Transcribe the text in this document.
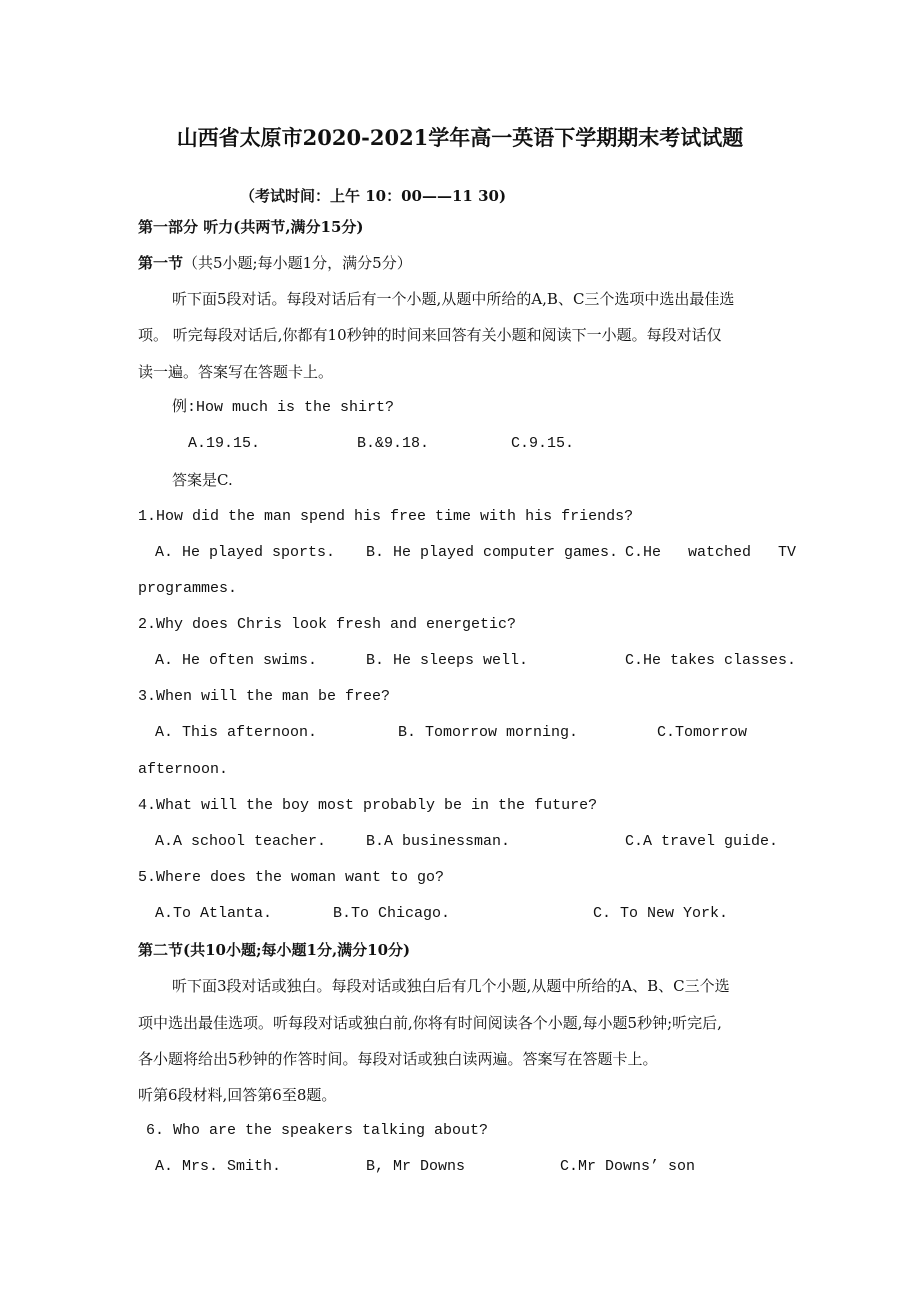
山西省太原市2020-2021学年高一英语下学期期末考试试题
（考试时间：上午 10：00——11 30)
第一部分 听力(共两节,满分15分)
第一节（共5小题;每小题1分，满分5分）
听下面5段对话。每段对话后有一个小题,从题中所给的A,B、C三个选项中选出最佳选
项。 听完每段对话后,你都有10秒钟的时间来回答有关小题和阅读下一小题。每段对话仅
读一遍。答案写在答题卡上。
例:How much is the shirt?
A.19.15.	B.&9.18.	C.9.15.
答案是C.
1.How did the man spend his free time with his friends?
A. He played sports. B. He played computer games. C.He   watched   TV
programmes.
2.Why does Chris look fresh and energetic?
A. He often swims.	B. He sleeps well.	C.He takes classes.
3.When will the man be free?
A. This afternoon.	B. Tomorrow morning.	C.Tomorrow
afternoon.
4.What will the boy most probably be in the future?
A.A school teacher.	B.A businessman.	C.A travel guide.
5.Where does the woman want to go?
A.To Atlanta.	B.To Chicago.	C. To New York.
第二节(共10小题;每小题1分,满分10分)
听下面3段对话或独白。每段对话或独白后有几个小题,从题中所给的A、B、C三个选
项中选出最佳选项。听每段对话或独白前,你将有时间阅读各个小题,每小题5秒钟;听完后,
各小题将给出5秒钟的作答时间。每段对话或独白读两遍。答案写在答题卡上。
听第6段材料,回答第6至8题。
6. Who are the speakers talking about?
A. Mrs. Smith.	B, Mr Downs	C.Mr Downs’ son
